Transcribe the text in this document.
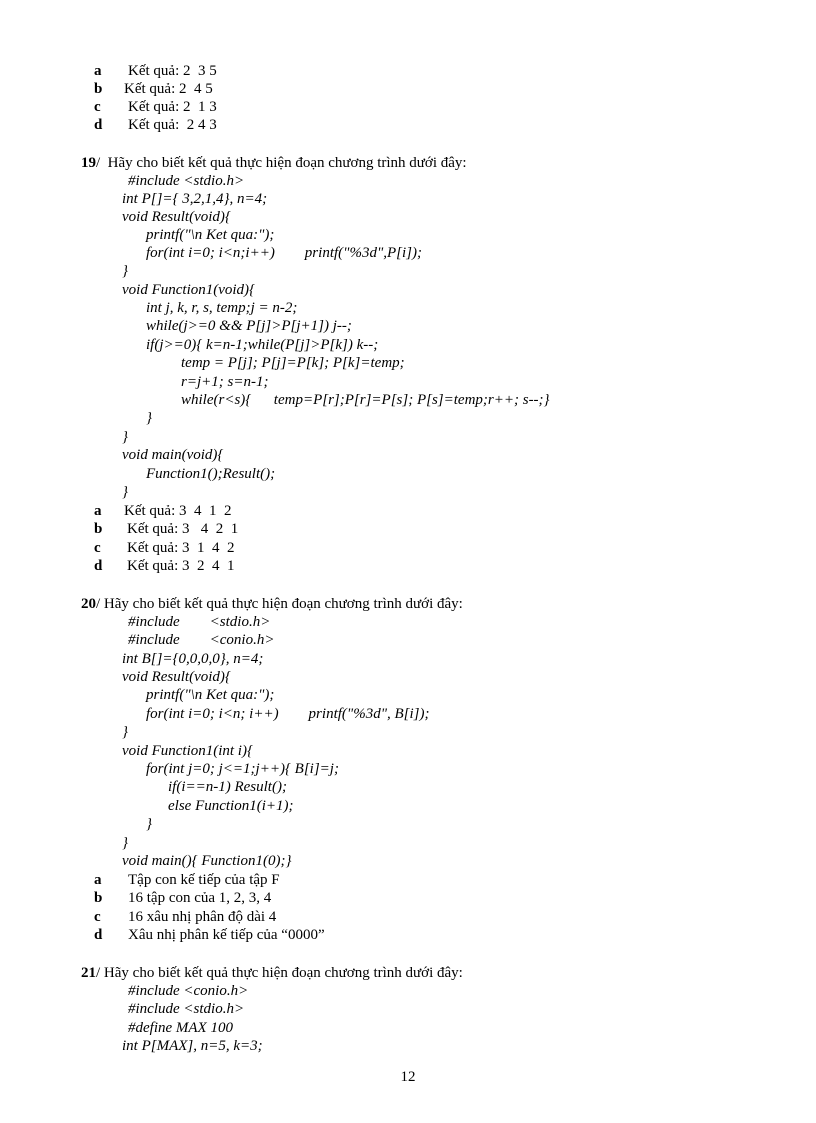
a Kết quả: 2  3 5
b Kết quả: 2  4 5
c Kết quả: 2  1 3
d Kết quả:  2 4 3
19/  Hãy cho biết kết quả thực hiện đoạn chương trình dưới đây:
#include <stdio.h>
int P[]={ 3,2,1,4}, n=4;
void Result(void){
printf("\n Ket qua:");
for(int i=0; i<n;i++)        printf("%3d",P[i]);
}
void Function1(void){
int j, k, r, s, temp;j = n-2;
while(j>=0 && P[j]>P[j+1]) j--;
if(j>=0){ k=n-1;while(P[j]>P[k]) k--;
temp = P[j]; P[j]=P[k]; P[k]=temp;
r=j+1; s=n-1;
while(r<s){      temp=P[r];P[r]=P[s]; P[s]=temp;r++; s--;}
}
}
void main(void){
Function1();Result();
}
a Kết quả: 3  4  1  2
b Kết quả: 3   4  2  1
c Kết quả: 3  1  4  2
d Kết quả: 3  2  4  1
20/ Hãy cho biết kết quả thực hiện đoạn chương trình dưới đây:
#include        <stdio.h>
#include        <conio.h>
int B[]={0,0,0,0}, n=4;
void Result(void){
printf("\n Ket qua:");
for(int i=0; i<n; i++)        printf("%3d", B[i]);
}
void Function1(int i){
for(int j=0; j<=1;j++){ B[i]=j;
if(i==n-1) Result();
else Function1(i+1);
}
}
void main(){ Function1(0);}
a Tập con kế tiếp của tập F
b 16 tập con của 1, 2, 3, 4
c 16 xâu nhị phân độ dài 4
d Xâu nhị phân kế tiếp của “0000”
21/ Hãy cho biết kết quả thực hiện đoạn chương trình dưới đây:
#include <conio.h>
#include <stdio.h>
#define MAX 100
int P[MAX], n=5, k=3;
12
